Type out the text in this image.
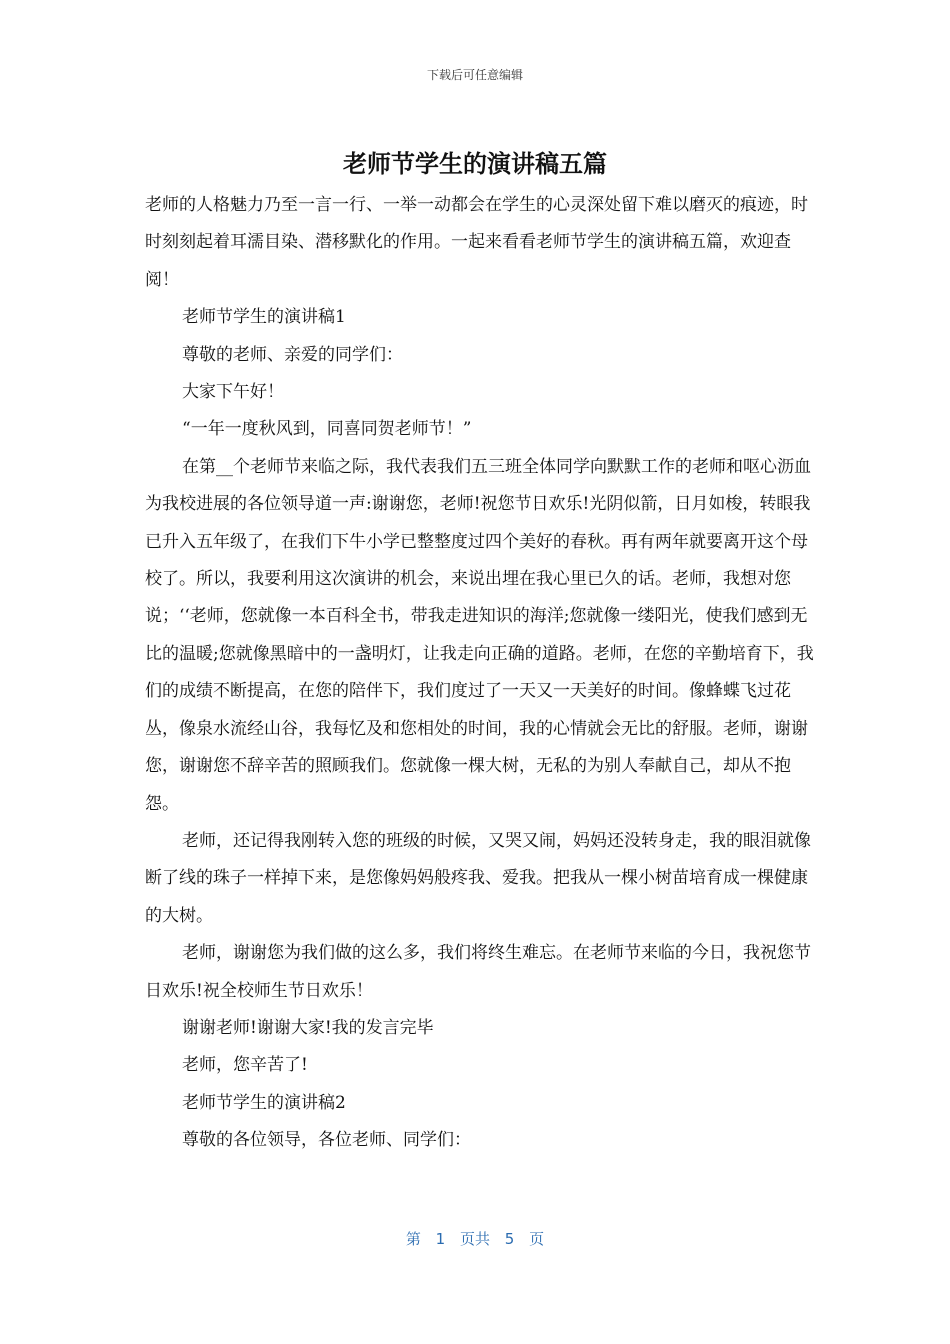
下载后可任意编辑
老师节学生的演讲稿五篇

老师的人格魅力乃至一言一行、一举一动都会在学生的心灵深处留下难以磨灭的痕迹，时时刻刻起着耳濡目染、潜移默化的作用。一起来看看老师节学生的演讲稿五篇，欢迎查阅！

老师节学生的演讲稿1

尊敬的老师、亲爱的同学们：

大家下午好！

“一年一度秋风到，同喜同贺老师节！”

在第__个老师节来临之际，我代表我们五三班全体同学向默默工作的老师和呕心沥血为我校进展的各位领导道一声:谢谢您，老师!祝您节日欢乐!光阴似箭，日月如梭，转眼我已升入五年级了，在我们下牛小学已整整度过四个美好的春秋。再有两年就要离开这个母校了。所以，我要利用这次演讲的机会，来说出埋在我心里已久的话。老师，我想对您说；‘‘老师，您就像一本百科全书，带我走进知识的海洋;您就像一缕阳光，使我们感到无比的温暖;您就像黑暗中的一盏明灯，让我走向正确的道路。老师，在您的辛勤培育下，我们的成绩不断提高，在您的陪伴下，我们度过了一天又一天美好的时间。像蜂蝶飞过花丛，像泉水流经山谷，我每忆及和您相处的时间，我的心情就会无比的舒服。老师，谢谢您，谢谢您不辞辛苦的照顾我们。您就像一棵大树，无私的为别人奉献自己，却从不抱怨。

老师，还记得我刚转入您的班级的时候，又哭又闹，妈妈还没转身走，我的眼泪就像断了线的珠子一样掉下来，是您像妈妈般疼我、爱我。把我从一棵小树苗培育成一棵健康的大树。

老师，谢谢您为我们做的这么多，我们将终生难忘。在老师节来临的今日，我祝您节日欢乐!祝全校师生节日欢乐！

谢谢老师!谢谢大家!我的发言完毕

老师，您辛苦了!

老师节学生的演讲稿2

尊敬的各位领导，各位老师、同学们：

第 1 页共 5 页
